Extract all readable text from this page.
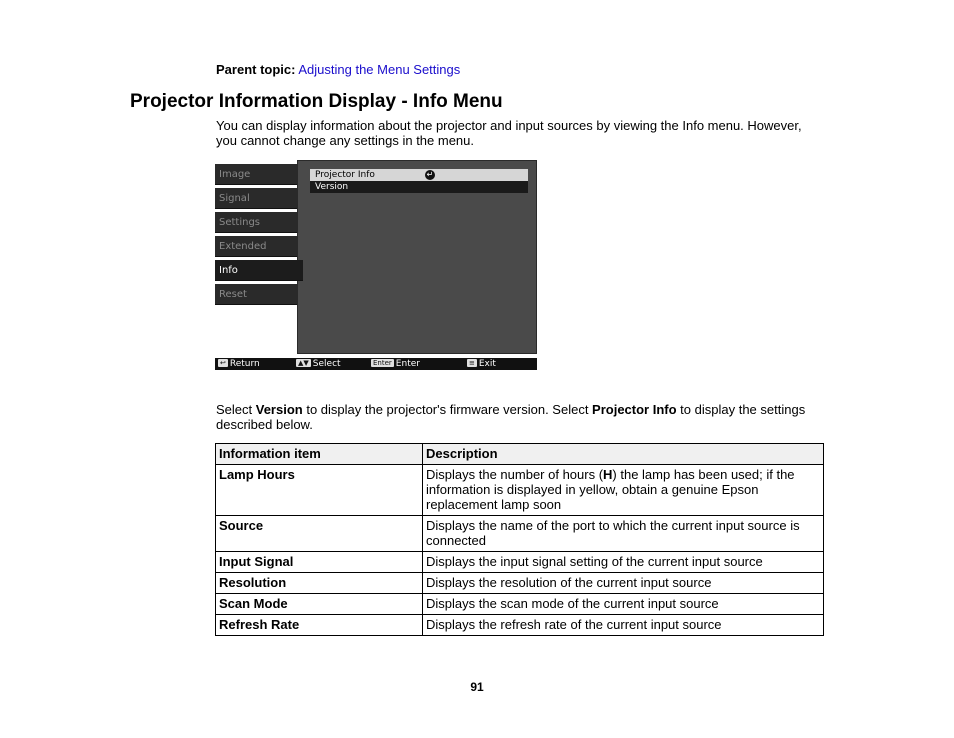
Parent topic: Adjusting the Menu Settings
Projector Information Display - Info Menu

You can display information about the projector and input sources by viewing the Info menu. However, you cannot change any settings in the menu.

Image
Signal
Settings
Extended
Projector Info	↵
Version
Info
Reset
↩ Return	▲▼ Select	Enter Enter	≡ Exit

Select Version to display the projector's firmware version. Select Projector Info to display the settings described below.

Information item	Description
Lamp Hours	Displays the number of hours (H) the lamp has been used; if the information is displayed in yellow, obtain a genuine Epson replacement lamp soon
Source	Displays the name of the port to which the current input source is connected
Input Signal	Displays the input signal setting of the current input source
Resolution	Displays the resolution of the current input source
Scan Mode	Displays the scan mode of the current input source
Refresh Rate	Displays the refresh rate of the current input source
91
